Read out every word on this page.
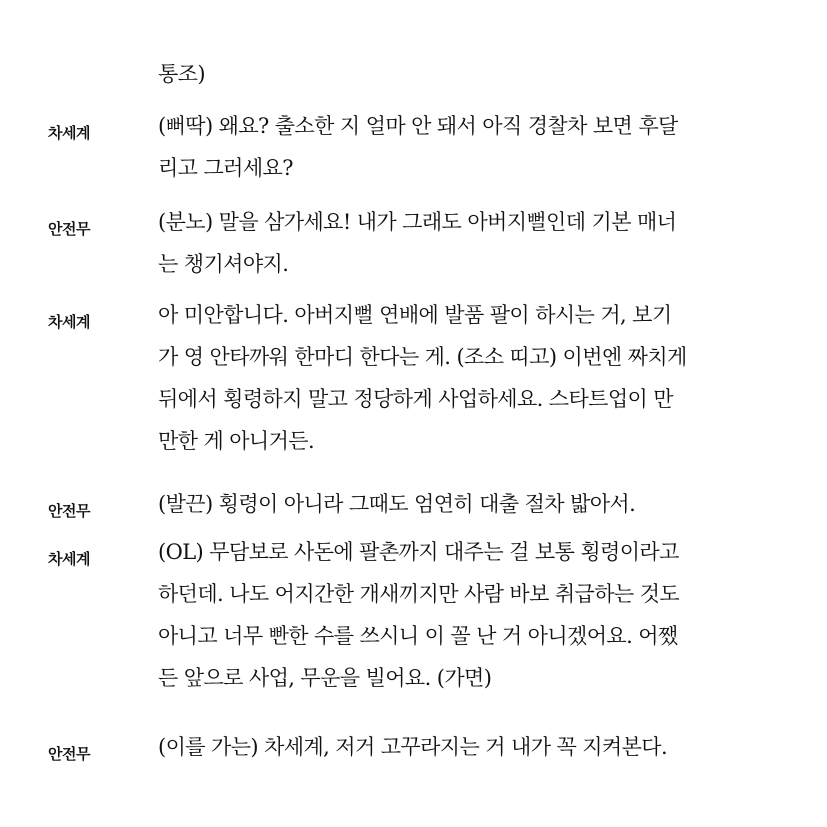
통조)
차세계	(뻐딱) 왜요? 출소한 지 얼마 안 돼서 아직 경찰차 보면 후달
리고 그러세요?
안전무	(분노) 말을 삼가세요! 내가 그래도 아버지뻘인데 기본 매너
는 챙기셔야지.
차세계	아 미안합니다. 아버지뻘 연배에 발품 팔이 하시는 거, 보기
가 영 안타까워 한마디 한다는 게. (조소 띠고) 이번엔 짜치게
뒤에서 횡령하지 말고 정당하게 사업하세요. 스타트업이 만
만한 게 아니거든.
안전무	(발끈) 횡령이 아니라 그때도 엄연히 대출 절차 밟아서.
차세계	(OL) 무담보로 사돈에 팔촌까지 대주는 걸 보통 횡령이라고
하던데. 나도 어지간한 개새끼지만 사람 바보 취급하는 것도
아니고 너무 빤한 수를 쓰시니 이 꼴 난 거 아니겠어요. 어쨌
든 앞으로 사업, 무운을 빌어요. (가면)
안전무	(이를 가는) 차세계, 저거 고꾸라지는 거 내가 꼭 지켜본다.
